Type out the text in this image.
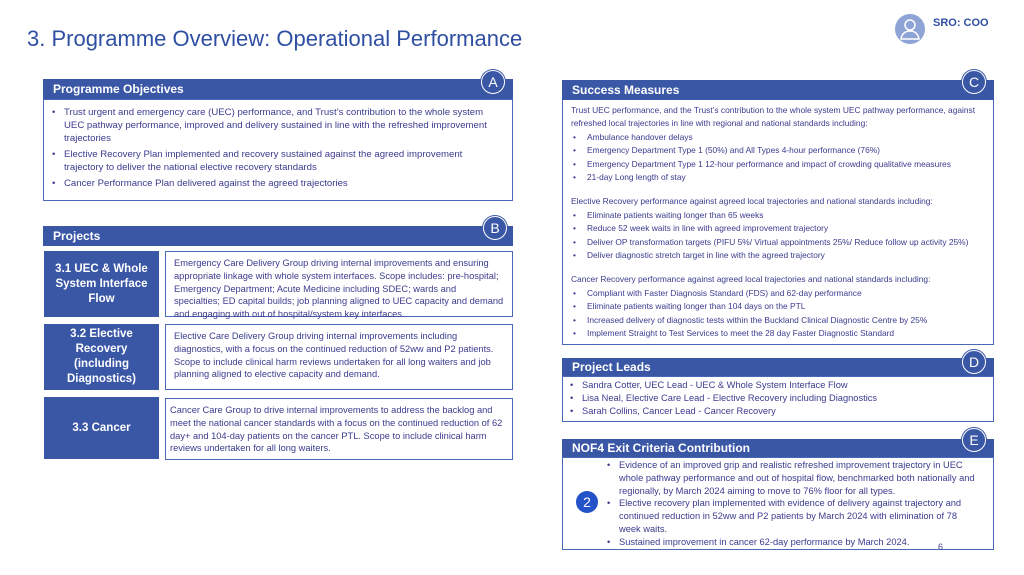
3. Programme Overview: Operational Performance
SRO: COO
Programme Objectives	A
• Trust urgent and emergency care (UEC) performance, and Trust’s contribution to the whole system UEC pathway performance, improved and delivery sustained in line with the refreshed improvement trajectories
• Elective Recovery Plan implemented and recovery sustained against the agreed improvement trajectory to deliver the national elective recovery standards
• Cancer Performance Plan delivered against the agreed trajectories
Projects	B
3.1 UEC & Whole System Interface Flow
Emergency Care Delivery Group driving internal improvements and ensuring appropriate linkage with whole system interfaces. Scope includes: pre-hospital; Emergency Department; Acute Medicine including SDEC; wards and specialties; ED capital builds; job planning aligned to UEC capacity and demand and engaging with out of hospital/system key interfaces.
3.2 Elective Recovery (including Diagnostics)
Elective Care Delivery Group driving internal improvements including diagnostics, with a focus on the continued reduction of 52ww and P2 patients. Scope to include clinical harm reviews undertaken for all long waiters and job planning aligned to elective capacity and demand.
3.3 Cancer
Cancer Care Group to drive internal improvements to address the backlog and meet the national cancer standards with a focus on the continued reduction of 62 day+ and 104-day patients on the cancer PTL. Scope to include clinical harm reviews undertaken for all long waiters.
Success Measures	C
Trust UEC performance, and the Trust’s contribution to the whole system UEC pathway performance, against refreshed local trajectories in line with regional and national standards including:
• Ambulance handover delays
• Emergency Department Type 1 (50%) and All Types 4-hour performance (76%)
• Emergency Department Type 1 12-hour performance and impact of crowding qualitative measures
• 21-day Long length of stay
Elective Recovery performance against agreed local trajectories and national standards including:
• Eliminate patients waiting longer than 65 weeks
• Reduce 52 week waits in line with agreed improvement trajectory
• Deliver OP transformation targets (PIFU 5%/ Virtual appointments 25%/ Reduce follow up activity 25%)
• Deliver diagnostic stretch target in line with the agreed trajectory
Cancer Recovery performance against agreed local trajectories and national standards including:
• Compliant with Faster Diagnosis Standard (FDS) and 62-day performance
• Eliminate patients waiting longer than 104 days on the PTL
• Increased delivery of diagnostic tests within the Buckland Clinical Diagnostic Centre by 25%
• Implement Straight to Test Services to meet the 28 day Faster Diagnostic Standard
Project Leads	D
• Sandra Cotter, UEC Lead - UEC & Whole System Interface Flow
• Lisa Neal, Elective Care Lead - Elective Recovery including Diagnostics
• Sarah Collins, Cancer Lead - Cancer Recovery
NOF4 Exit Criteria Contribution	E
• Evidence of an improved grip and realistic refreshed improvement trajectory in UEC whole pathway performance and out of hospital flow, benchmarked both nationally and regionally, by March 2024 aiming to move to 76% floor for all types.
• Elective recovery plan implemented with evidence of delivery against trajectory and continued reduction in 52ww and P2 patients by March 2024 with elimination of 78 week waits.
• Sustained improvement in cancer 62-day performance by March 2024.
2
6
